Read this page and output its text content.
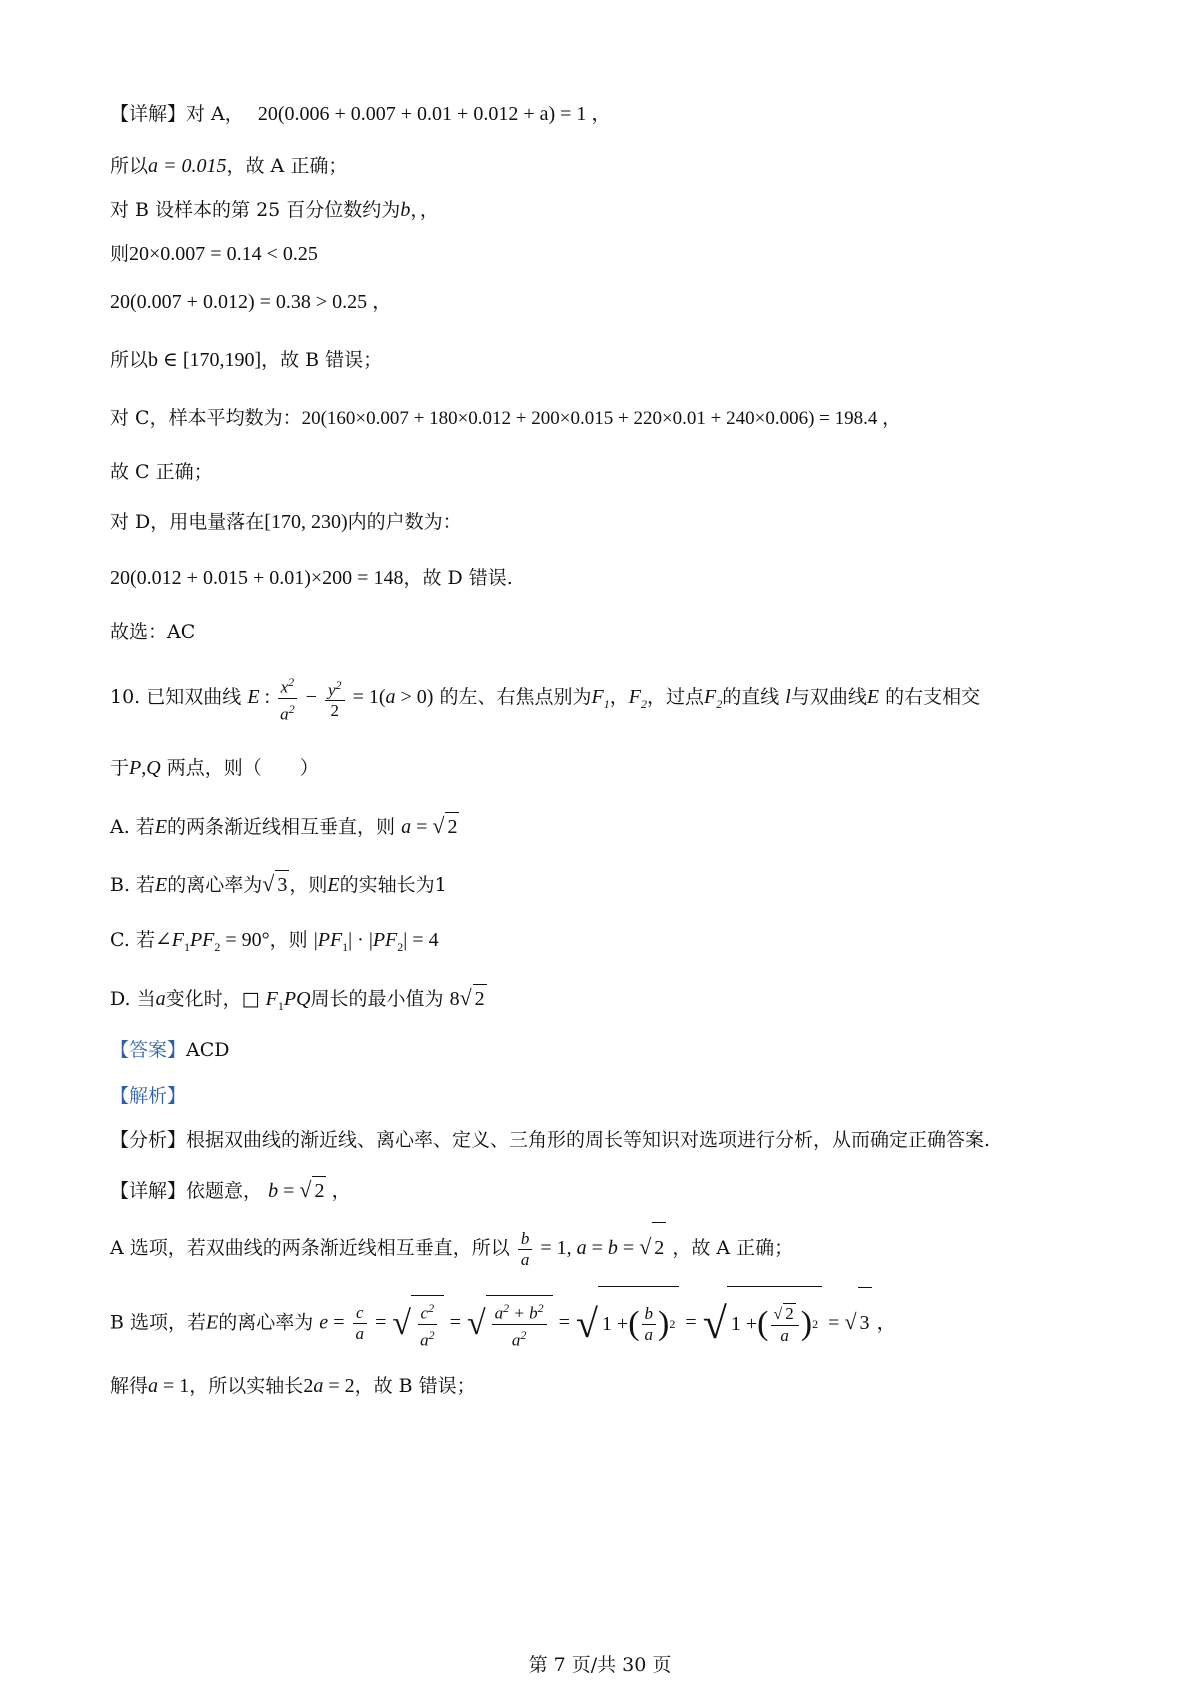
【详解】对 A， 20(0.006 + 0.007 + 0.01 + 0.012 + a) = 1 ，
所以a = 0.015，故 A 正确；
对 B 设样本的第 25 百分位数约为b，，
则20×0.007 = 0.14 < 0.25
20(0.007 + 0.012) = 0.38 > 0.25 ，
所以b ∈ [170,190]，故 B 错误；
对 C，样本平均数为：20(160×0.007 + 180×0.012 + 200×0.015 + 220×0.01 + 240×0.006) = 198.4 ，
故 C 正确；
对 D，用电量落在[170, 230)内的户数为：
20(0.012 + 0.015 + 0.01)×200 = 148，故 D 错误.
故选：AC
10. 已知双曲线 E : $\frac{x^2}{a^2} - \frac{y^2}{2} = 1(a > 0)$ 的左、右焦点别为$F_1$，$F_2$，过点$F_2$的直线 l与双曲线E 的右支相交
于P,Q 两点，则（　　）
A. 若E的两条渐近线相互垂直，则 a = √ 2
B. 若E的离心率为√ 3 ，则E的实轴长为1
C. 若$\angle F_1PF_2 = 90^\circ$，则 $|PF_1| \cdot |PF_2| = 4$
D. 当a变化时，□ $F_1PQ$周长的最小值为 8√ 2
【答案】ACD
【解析】
【分析】根据双曲线的渐近线、离心率、定义、三角形的周长等知识对选项进行分析，从而确定正确答案.
【详解】依题意， b = √ 2 ，
A 选项，若双曲线的两条渐近线相互垂直，所以 $\frac{b}{a} = 1$, a = b = √ 2 ，故 A 正确；
B 选项，若E的离心率为 $e = \frac{c}{a}$ = √ $\frac{c^2}{a^2}$ = √ $\frac{a^2 + b^2}{a^2}$ = √ 1 + ( $\frac{b}{a}$ ) 2 = √ 1 + ( $\frac{√ 2}{a}$ ) 2 = √ 3 ，
解得a = 1，所以实轴长2a = 2，故 B 错误；
第 7 页/共 30 页
